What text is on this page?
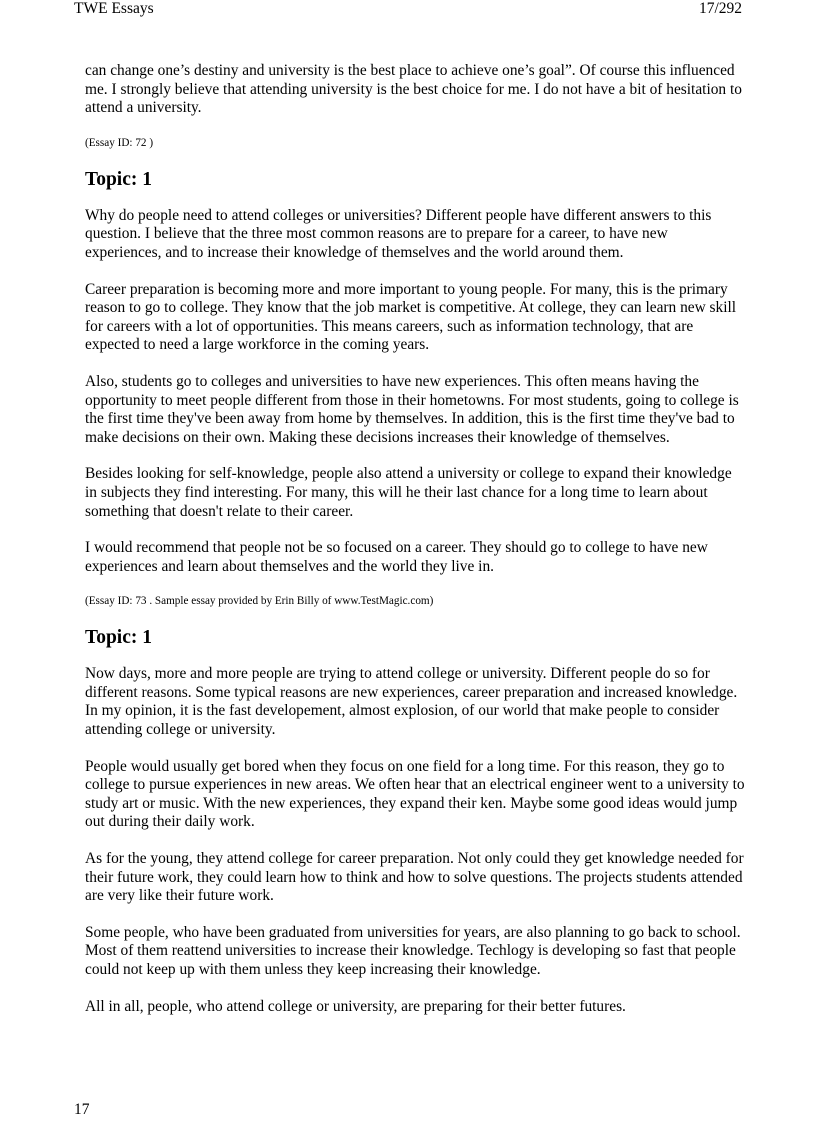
TWE Essays	17/292

can change one’s destiny and university is the best place to achieve one’s goal”. Of course this influenced me. I strongly believe that attending university is the best choice for me. I do not have a bit of hesitation to attend a university.

(Essay ID: 72 )

Topic: 1

Why do people need to attend colleges or universities? Different people have different answers to this question. I believe that the three most common reasons are to prepare for a career, to have new experiences, and to increase their knowledge of themselves and the world around them.

Career preparation is becoming more and more important to young people. For many, this is the primary reason to go to college. They know that the job market is competitive. At college, they can learn new skill for careers with a lot of opportunities. This means careers, such as information technology, that are expected to need a large workforce in the coming years.

Also, students go to colleges and universities to have new experiences. This often means having the opportunity to meet people different from those in their hometowns. For most students, going to college is the first time they've been away from home by themselves. In addition, this is the first time they've bad to make decisions on their own. Making these decisions increases their knowledge of themselves.

Besides looking for self-knowledge, people also attend a university or college to expand their knowledge in subjects they find interesting. For many, this will he their last chance for a long time to learn about something that doesn't relate to their career.

I would recommend that people not be so focused on a career. They should go to college to have new experiences and learn about themselves and the world they live in.

(Essay ID: 73 . Sample essay provided by Erin Billy of www.TestMagic.com)

Topic: 1

Now days, more and more people are trying to attend college or university. Different people do so for different reasons. Some typical reasons are new experiences, career preparation and increased knowledge. In my opinion, it is the fast developement, almost explosion, of our world that make people to consider attending college or university.

People would usually get bored when they focus on one field for a long time. For this reason, they go to college to pursue experiences in new areas. We often hear that an electrical engineer went to a university to study art or music. With the new experiences, they expand their ken. Maybe some good ideas would jump out during their daily work.

As for the young, they attend college for career preparation. Not only could they get knowledge needed for their future work, they could learn how to think and how to solve questions. The projects students attended are very like their future work.

Some people, who have been graduated from universities for years, are also planning to go back to school. Most of them reattend universities to increase their knowledge. Techlogy is developing so fast that people could not keep up with them unless they keep increasing their knowledge.

All in all, people, who attend college or university, are preparing for their better futures.

17
